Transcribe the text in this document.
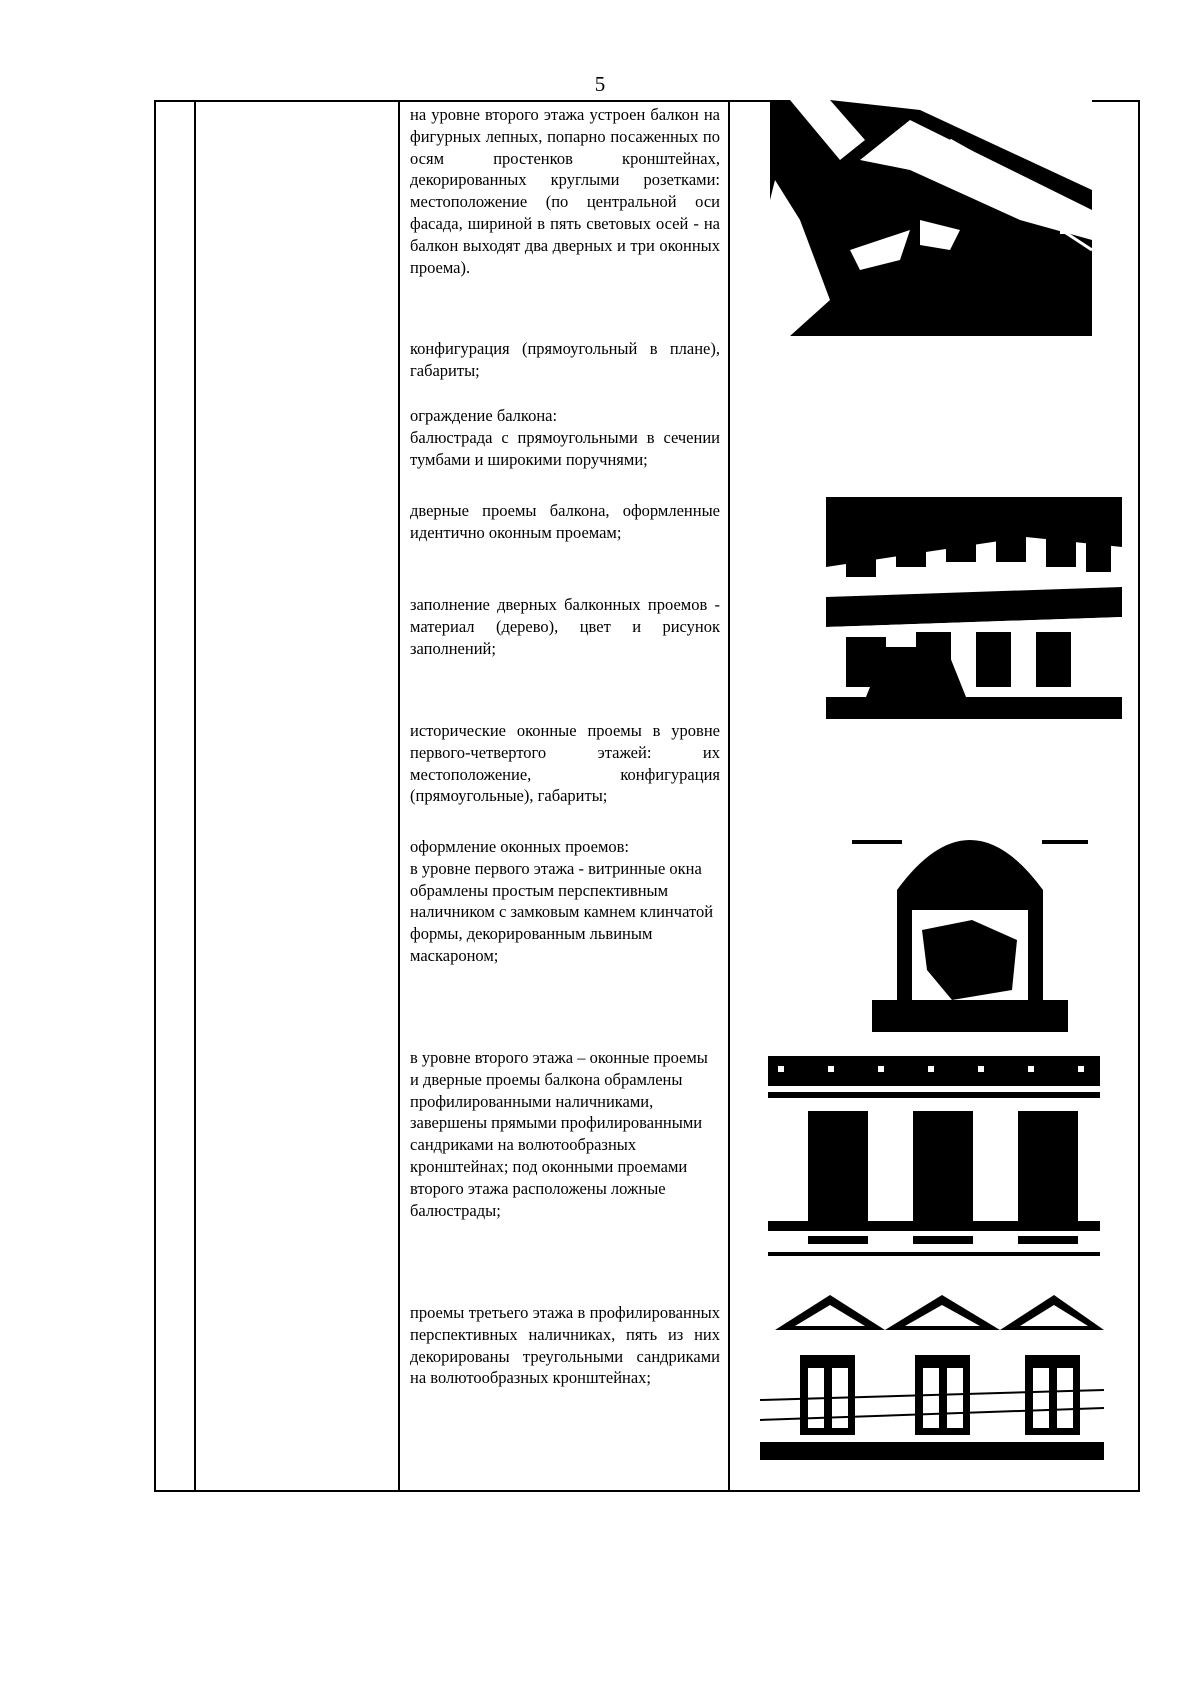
5

на уровне второго этажа устроен балкон на фигурных лепных, попарно посаженных по осям простенков кронштейнах, декорированных круглыми розетками: местоположение (по центральной оси фасада, шириной в пять световых осей - на балкон выходят два дверных и три оконных проема).

конфигурация (прямоугольный в плане), габариты;

ограждение балкона:

балюстрада с прямоугольными в сечении тумбами и широкими поручнями;

дверные проемы балкона, оформленные идентично оконным проемам;

заполнение дверных балконных проемов - материал (дерево), цвет и рисунок заполнений;

исторические оконные проемы в уровне первого-четвертого этажей: их местоположение, конфигурация (прямоугольные), габариты;

оформление оконных проемов:

в уровне первого этажа - витринные окна обрамлены простым перспективным наличником с замковым камнем клинчатой формы, декорированным львиным маскароном;

в уровне второго этажа – оконные проемы и дверные проемы балкона обрамлены профилированными наличниками, завершены прямыми профилированными сандриками на волютообразных кронштейнах; под оконными проемами второго этажа расположены ложные балюстрады;

проемы третьего этажа в профилированных перспективных наличниках, пять из них декорированы треугольными сандриками на волютообразных кронштейнах;
